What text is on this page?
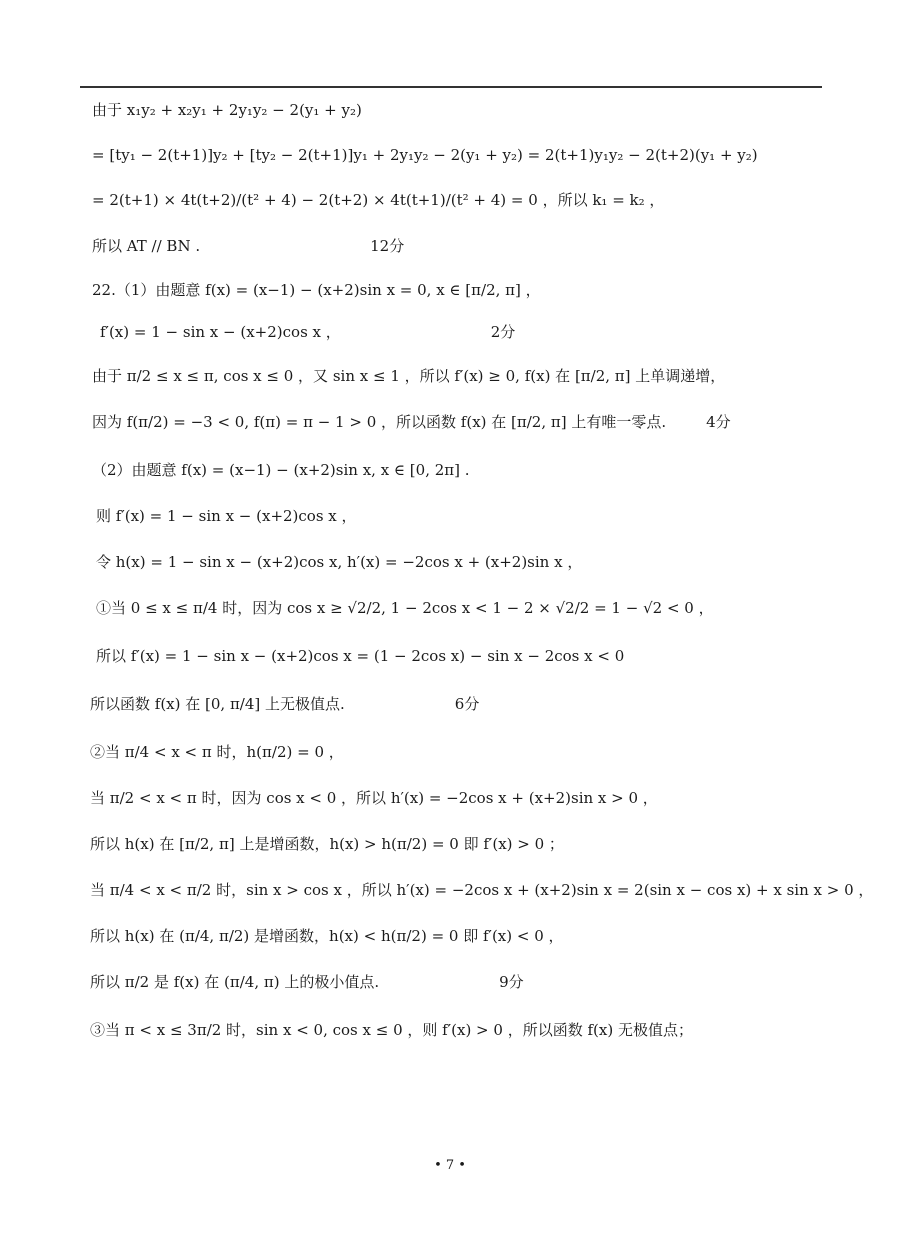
由于 x₁y₂ + x₂y₁ + 2y₁y₂ − 2(y₁ + y₂)
= [ty₁ − 2(t+1)]y₂ + [ty₂ − 2(t+1)]y₁ + 2y₁y₂ − 2(y₁ + y₂) = 2(t+1)y₁y₂ − 2(t+2)(y₁ + y₂)
= 2(t+1) × 4t(t+2)/(t² + 4) − 2(t+2) × 4t(t+1)/(t² + 4) = 0 ，所以 k₁ = k₂ ，
所以 AT // BN .	12分
22.（1）由题意 f(x) = (x−1) − (x+2)sin x = 0, x ∈ [π/2, π] ，
f′(x) = 1 − sin x − (x+2)cos x ，	2分
由于 π/2 ≤ x ≤ π, cos x ≤ 0 ，又 sin x ≤ 1 ，所以 f′(x) ≥ 0, f(x) 在 [π/2, π] 上单调递增，
因为 f(π/2) = −3 < 0, f(π) = π − 1 > 0 ，所以函数 f(x) 在 [π/2, π] 上有唯一零点.	4分
（2）由题意 f(x) = (x−1) − (x+2)sin x, x ∈ [0, 2π] .
则 f′(x) = 1 − sin x − (x+2)cos x ，
令 h(x) = 1 − sin x − (x+2)cos x, h′(x) = −2cos x + (x+2)sin x ，
①当 0 ≤ x ≤ π/4 时，因为 cos x ≥ √2/2, 1 − 2cos x < 1 − 2 × √2/2 = 1 − √2 < 0 ，
所以 f′(x) = 1 − sin x − (x+2)cos x = (1 − 2cos x) − sin x − 2cos x < 0
所以函数 f(x) 在 [0, π/4] 上无极值点.	6分
②当 π/4 < x < π 时，h(π/2) = 0 ，
当 π/2 < x < π 时，因为 cos x < 0 ，所以 h′(x) = −2cos x + (x+2)sin x > 0 ，
所以 h(x) 在 [π/2, π] 上是增函数，h(x) > h(π/2) = 0 即 f′(x) > 0 ；
当 π/4 < x < π/2 时，sin x > cos x ，所以 h′(x) = −2cos x + (x+2)sin x = 2(sin x − cos x) + x sin x > 0 ，
所以 h(x) 在 (π/4, π/2) 是增函数，h(x) < h(π/2) = 0 即 f′(x) < 0 ，
所以 π/2 是 f(x) 在 (π/4, π) 上的极小值点.	9分
③当 π < x ≤ 3π/2 时，sin x < 0, cos x ≤ 0 ，则 f′(x) > 0 ，所以函数 f(x) 无极值点；
• 7 •
